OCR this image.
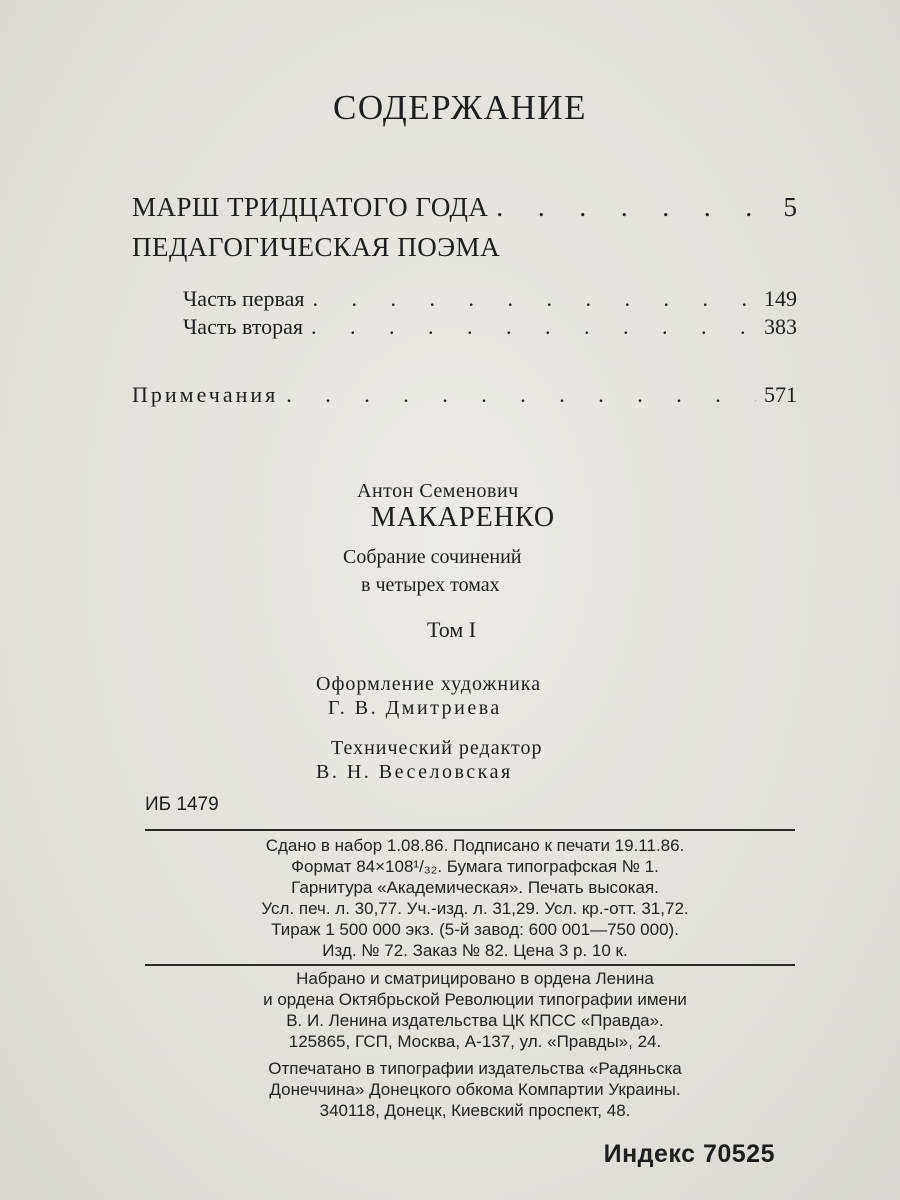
СОДЕРЖАНИЕ
МАРШ ТРИДЦАТОГО ГОДА . . .	5
ПЕДАГОГИЧЕСКАЯ ПОЭМА
Часть первая . . .	149
Часть вторая . . .	383
Примечания . . .	571
Антон Семенович
МАКАРЕНКО
Собрание сочинений
в четырех томах
Том I
Оформление художника
Г. В. Дмитриева
Технический редактор
В. Н. Веселовская
ИБ 1479
Сдано в набор 1.08.86. Подписано к печати 19.11.86.
Формат 84×108¹/₃₂. Бумага типографская № 1.
Гарнитура «Академическая». Печать высокая.
Усл. печ. л. 30,77. Уч.-изд. л. 31,29. Усл. кр.-отт. 31,72.
Тираж 1 500 000 экз. (5-й завод: 600 001—750 000).
Изд. № 72. Заказ № 82. Цена 3 р. 10 к.
Набрано и сматрицировано в ордена Ленина
и ордена Октябрьской Революции типографии имени
В. И. Ленина издательства ЦК КПСС «Правда».
125865, ГСП, Москва, А-137, ул. «Правды», 24.
Отпечатано в типографии издательства «Радяньска
Донеччина» Донецкого обкома Компартии Украины.
340118, Донецк, Киевский проспект, 48.
Индекс 70525
